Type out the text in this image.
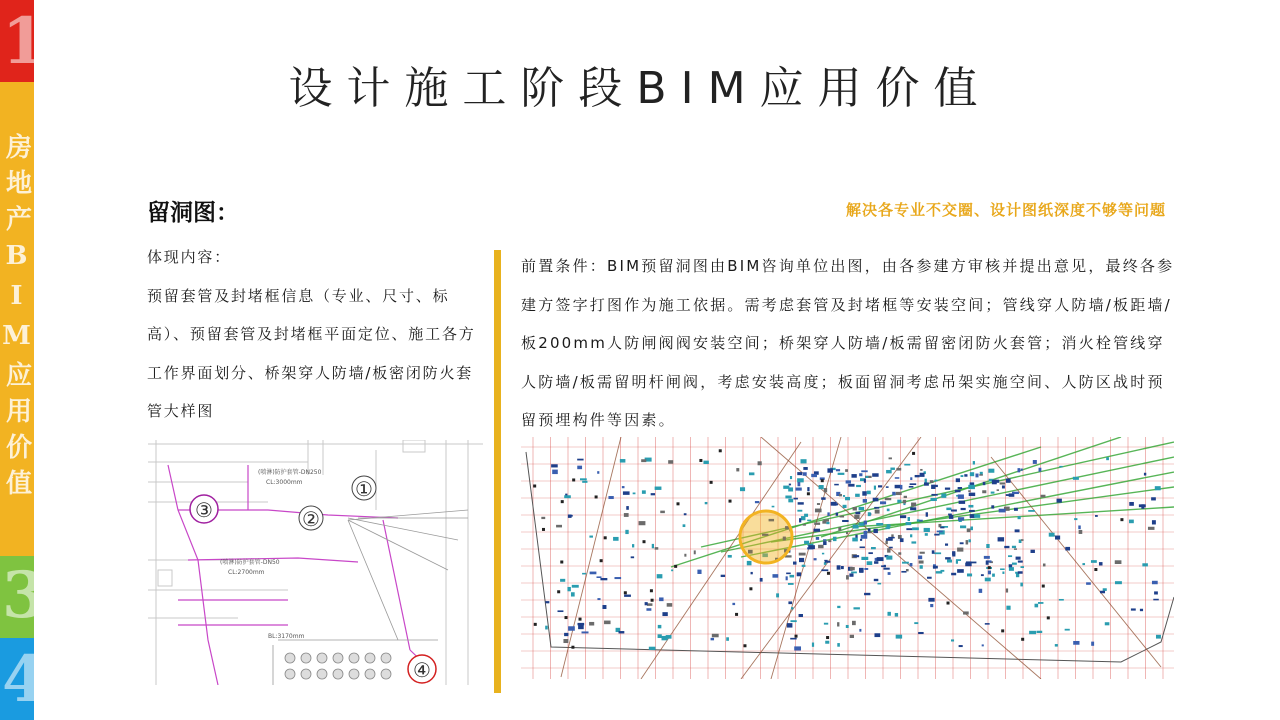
1
房地产BIM应用价值
3
4
设计施工阶段BIM应用价值
留洞图：	解决各专业不交圈、设计图纸深度不够等问题
体现内容：
预留套管及封堵框信息（专业、尺寸、标高）、预留套管及封堵框平面定位、施工各方工作界面划分、桥架穿人防墙/板密闭防火套管大样图
前置条件：BIM预留洞图由BIM咨询单位出图，由各参建方审核并提出意见，最终各参建方签字打图作为施工依据。需考虑套管及封堵框等安装空间；管线穿人防墙/板距墙/板200mm人防闸阀阀安装空间；桥架穿人防墙/板需留密闭防火套管；消火栓管线穿人防墙/板需留明杆闸阀，考虑安装高度；板面留洞考虑吊架实施空间、人防区战时预留预埋构件等因素。
(喷淋)防护套管-DN250
CL:3000mm
(喷淋)防护套管-DN50
CL:2700mm
BL:3170mm
①
②
③
④
